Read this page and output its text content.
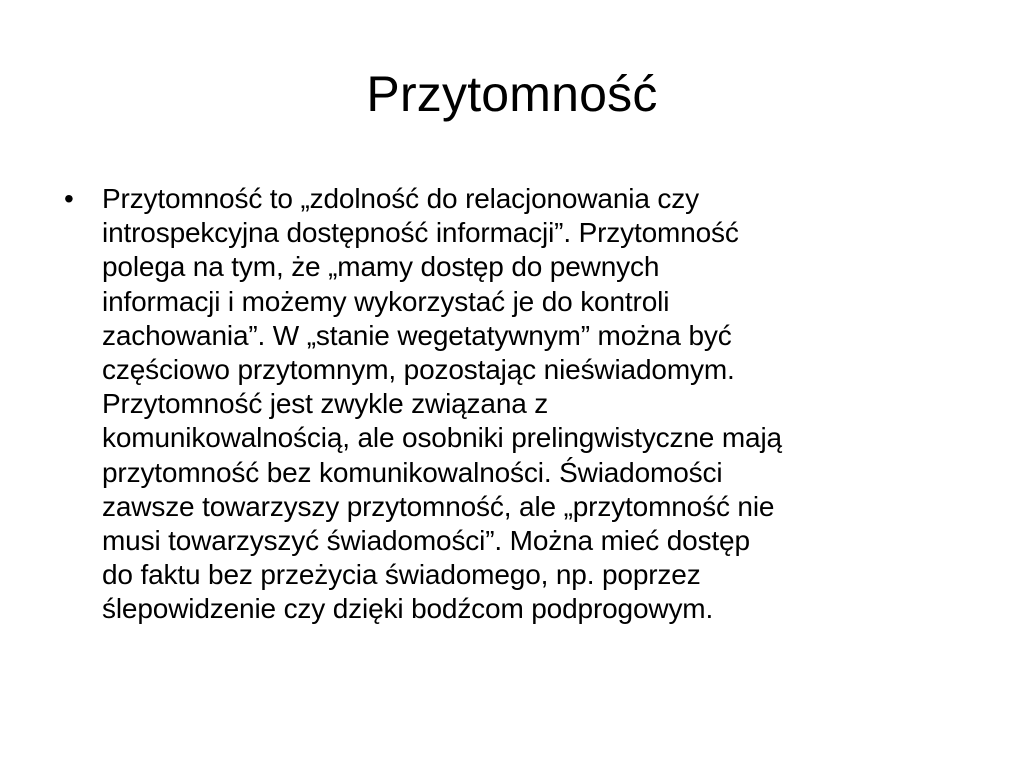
Przytomność
•	Przytomność to „zdolność do relacjonowania czy
introspekcyjna dostępność informacji”. Przytomność
polega na tym, że „mamy dostęp do pewnych
informacji i możemy wykorzystać je do kontroli
zachowania”. W „stanie wegetatywnym” można być
częściowo przytomnym, pozostając nieświadomym.
Przytomność jest zwykle związana z
komunikowalnością, ale osobniki prelingwistyczne mają
przytomność bez komunikowalności. Świadomości
zawsze towarzyszy przytomność, ale „przytomność nie
musi towarzyszyć świadomości”. Można mieć dostęp
do faktu bez przeżycia świadomego, np. poprzez
ślepowidzenie czy dzięki bodźcom podprogowym.
